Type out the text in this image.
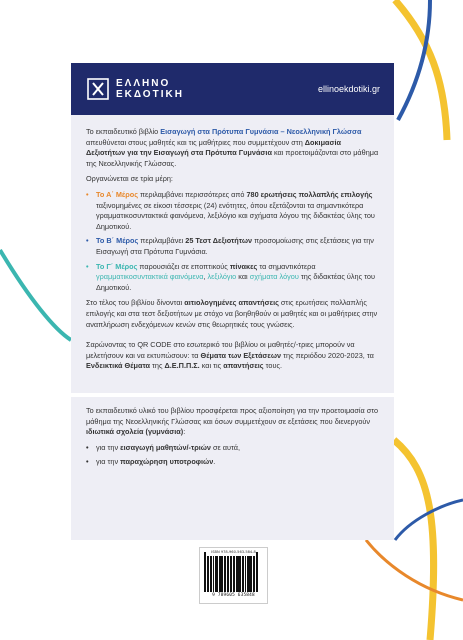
ΕΛΛΗΝΟ
ΕΚΔΟΤΙΚΗ	ellinoekdotiki.gr

Το εκπαιδευτικό βιβλίο Εισαγωγή στα Πρότυπα Γυμνάσια – Νεοελληνική Γλώσσα απευθύνεται στους μαθητές και τις μαθήτριες που συμμετέχουν στη Δοκιμασία Δεξιοτήτων για την Εισαγωγή στα Πρότυπα Γυμνάσια και προετοιμάζονται στο μάθημα της Νεοελληνικής Γλώσσας.

Οργανώνεται σε τρία μέρη:

• Το Α΄ Μέρος περιλαμβάνει περισσότερες από 780 ερωτήσεις πολλαπλής επιλογής ταξινομημένες σε είκοσι τέσσερις (24) ενότητες, όπου εξετάζονται τα σημαντικότερα γραμματικοσυντακτικά φαινόμενα, λεξιλόγιο και σχήματα λόγου της διδακτέας ύλης του Δημοτικού.
• Το Β΄ Μέρος περιλαμβάνει 25 Τεστ Δεξιοτήτων προσομοίωσης στις εξετάσεις για την Εισαγωγή στα Πρότυπα Γυμνάσια.
• Το Γ΄ Μέρος παρουσιάζει σε εποπτικούς πίνακες τα σημαντικότερα γραμματικοσυντακτικά φαινόμενα, λεξιλόγιο και σχήματα λόγου της διδακτέας ύλης του Δημοτικού.

Στο τέλος του βιβλίου δίνονται αιτιολογημένες απαντήσεις στις ερωτήσεις πολλαπλής επιλογής και στα τεστ δεξιοτήτων με στόχο να βοηθηθούν οι μαθητές και οι μαθήτριες στην αναπλήρωση ενδεχόμενων κενών στις θεωρητικές τους γνώσεις.

Σαρώνοντας το QR CODE στο εσωτερικό του βιβλίου οι μαθητές/-τριες μπορούν να μελετήσουν και να εκτυπώσουν: τα Θέματα των Εξετάσεων της περιόδου 2020-2023, τα Ενδεικτικά Θέματα της Δ.Ε.Π.Π.Σ. και τις απαντήσεις τους.

Το εκπαιδευτικό υλικό του βιβλίου προσφέρεται προς αξιοποίηση για την προετοιμασία στο μάθημα της Νεοελληνικής Γλώσσας και όσων συμμετέχουν σε εξετάσεις που διενεργούν ιδιωτικά σχολεία (γυμνάσια):

• για την εισαγωγή μαθητών/-τριών σε αυτά,
• για την παραχώρηση υποτροφιών.
ISBN 978-960-563-584-8
9 789605 635848
